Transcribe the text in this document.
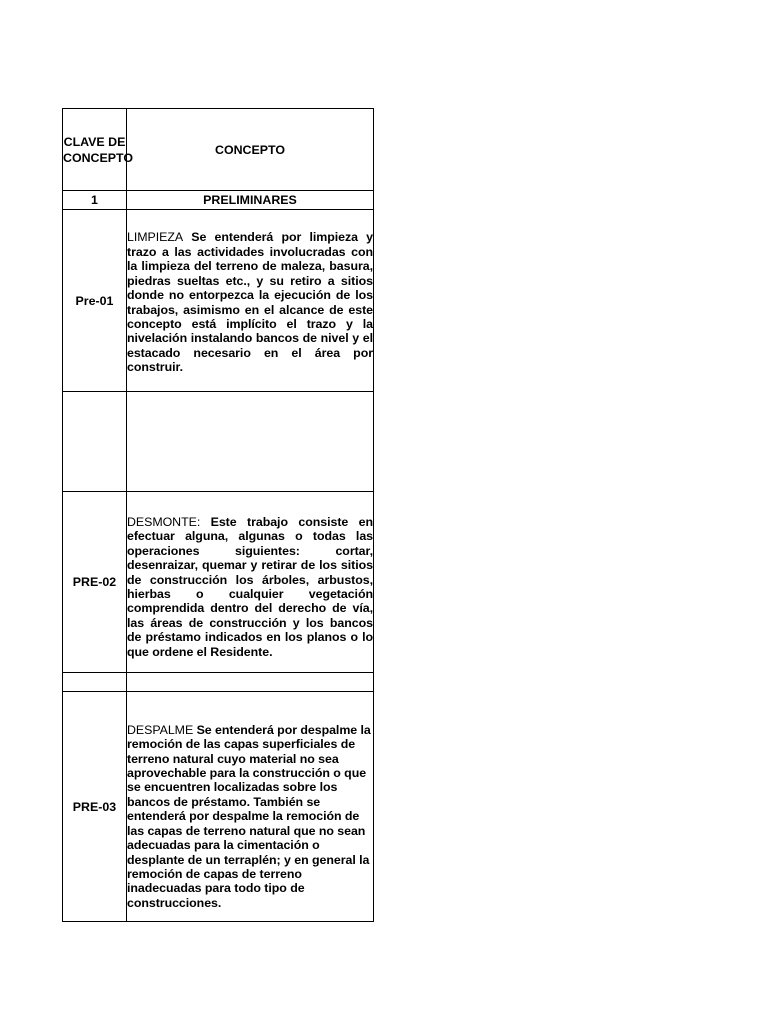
CLAVE DE CONCEPTO	CONCEPTO
1	PRELIMINARES
Pre-01	LIMPIEZA Se entenderá por limpieza y trazo a las actividades involucradas con la limpieza del terreno de maleza, basura, piedras sueltas etc., y su retiro a sitios donde no entorpezca la ejecución de los trabajos, asimismo en el alcance de este concepto está implícito el trazo y la nivelación instalando bancos de nivel y el estacado necesario en el área por construir.

PRE-02	DESMONTE: Este trabajo consiste en efectuar alguna, algunas o todas las operaciones siguientes: cortar, desenraizar, quemar y retirar de los sitios de construcción los árboles, arbustos, hierbas o cualquier vegetación comprendida dentro del derecho de vía, las áreas de construcción y los bancos de préstamo indicados en los planos o lo que ordene el Residente.

PRE-03	DESPALME Se entenderá por despalme la remoción de las capas superficiales de terreno natural cuyo material no sea aprovechable para la construcción o que se encuentren localizadas sobre los bancos de préstamo. También se entenderá por despalme la remoción de las capas de terreno natural que no sean adecuadas para la cimentación o desplante de un terraplén; y en general la remoción de capas de terreno inadecuadas para todo tipo de construcciones.
